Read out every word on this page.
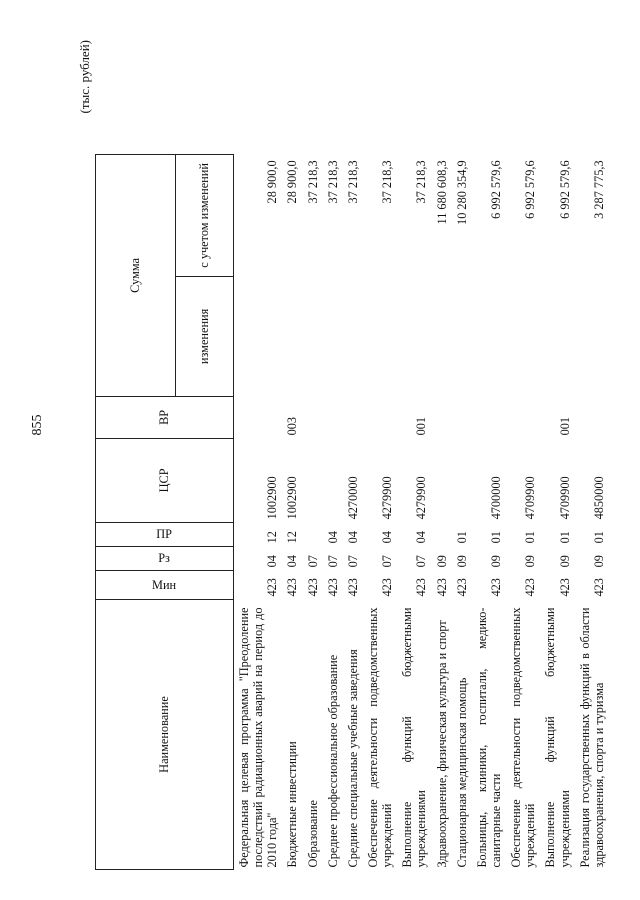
855
(тыс. рублей)
Наименование	Мин	Рз	ПР	ЦСР	ВР	Сумма	
						изменения	с учетом изменений
Федеральная целевая программа "Преодоление последствий радиационных аварий на период до 2010 года"	423	04	12	1002900			28 900,0
Бюджетные инвестиции	423	04	12	1002900	003		28 900,0
Образование	423	07					37 218,3
Среднее профессиональное образование	423	07	04				37 218,3
Средние специальные учебные заведения	423	07	04	4270000			37 218,3
Обеспечение деятельности подведомственных учреждений	423	07	04	4279900			37 218,3
Выполнение функций бюджетными учреждениями	423	07	04	4279900	001		37 218,3
Здравоохранение, физическая культура и спорт	423	09					11 680 608,3
Стационарная медицинская помощь	423	09	01				10 280 354,9
Больницы, клиники, госпитали, медико-санитарные части	423	09	01	4700000			6 992 579,6
Обеспечение деятельности подведомственных учреждений	423	09	01	4709900			6 992 579,6
Выполнение функций бюджетными учреждениями	423	09	01	4709900	001		6 992 579,6
Реализация государственных функций в области здравоохранения, спорта и туризма	423	09	01	4850000			3 287 775,3
